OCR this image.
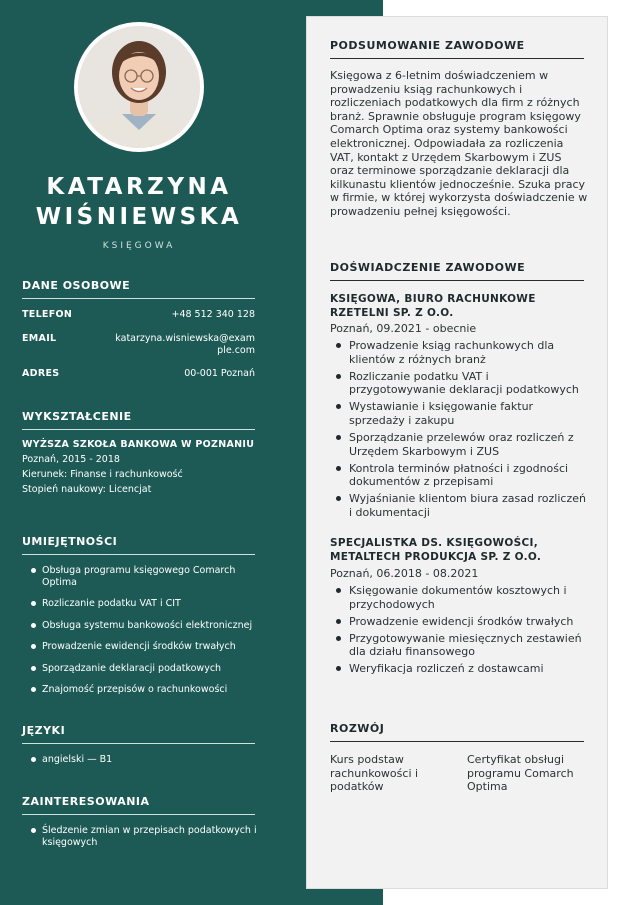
KATARZYNA
WIŚNIEWSKA
KSIĘGOWA
DANE OSOBOWE
TELEFON	+48 512 340 128
EMAIL	katarzyna.wisniewska@example.com
ADRES	00-001 Poznań
WYKSZTAŁCENIE
WYŻSZA SZKOŁA BANKOWA W POZNANIU
Poznań, 2015 - 2018
Kierunek: Finanse i rachunkowość
Stopień naukowy: Licencjat
UMIEJĘTNOŚCI
Obsługa programu księgowego Comarch Optima
Rozliczanie podatku VAT i CIT
Obsługa systemu bankowości elektronicznej
Prowadzenie ewidencji środków trwałych
Sporządzanie deklaracji podatkowych
Znajomość przepisów o rachunkowości
JĘZYKI
angielski — B1
ZAINTERESOWANIA
Śledzenie zmian w przepisach podatkowych i księgowych
PODSUMOWANIE ZAWODOWE
Księgowa z 6-letnim doświadczeniem w prowadzeniu ksiąg rachunkowych i rozliczeniach podatkowych dla firm z różnych branż. Sprawnie obsługuje program księgowy Comarch Optima oraz systemy bankowości elektronicznej. Odpowiadała za rozliczenia VAT, kontakt z Urzędem Skarbowym i ZUS oraz terminowe sporządzanie deklaracji dla kilkunastu klientów jednocześnie. Szuka pracy w firmie, w której wykorzysta doświadczenie w prowadzeniu pełnej księgowości.
DOŚWIADCZENIE ZAWODOWE
KSIĘGOWA, BIURO RACHUNKOWE RZETELNI SP. Z O.O.
Poznań, 09.2021 - obecnie
Prowadzenie ksiąg rachunkowych dla klientów z różnych branż
Rozliczanie podatku VAT i przygotowywanie deklaracji podatkowych
Wystawianie i księgowanie faktur sprzedaży i zakupu
Sporządzanie przelewów oraz rozliczeń z Urzędem Skarbowym i ZUS
Kontrola terminów płatności i zgodności dokumentów z przepisami
Wyjaśnianie klientom biura zasad rozliczeń i dokumentacji
SPECJALISTKA DS. KSIĘGOWOŚCI, METALTECH PRODUKCJA SP. Z O.O.
Poznań, 06.2018 - 08.2021
Księgowanie dokumentów kosztowych i przychodowych
Prowadzenie ewidencji środków trwałych
Przygotowywanie miesięcznych zestawień dla działu finansowego
Weryfikacja rozliczeń z dostawcami
ROZWÓJ
Kurs podstaw rachunkowości i podatków
Certyfikat obsługi programu Comarch Optima
